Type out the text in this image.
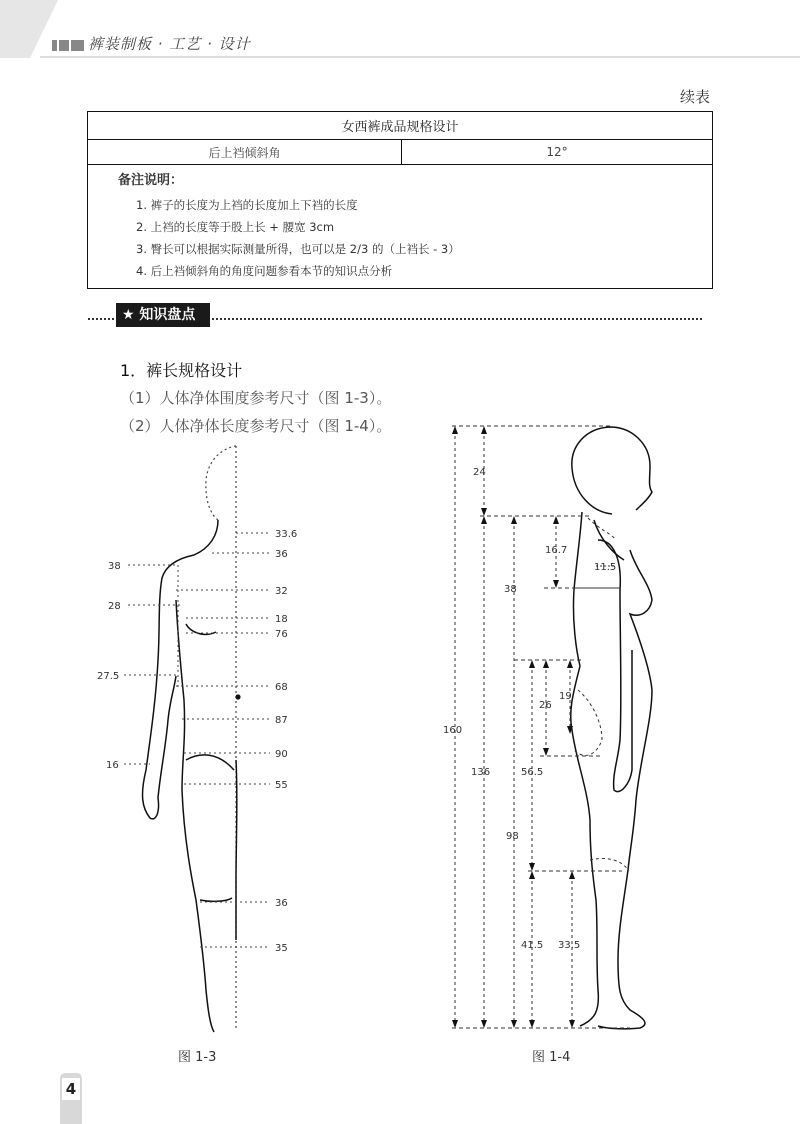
裤装制板 · 工艺 · 设计
续表
女西裤成品规格设计
后上裆倾斜角	12°

备注说明：
1. 裤子的长度为上裆的长度加上下裆的长度
2. 上裆的长度等于股上长 + 腰宽 3cm
3. 臀长可以根据实际测量所得，也可以是 2/3 的（上裆长 - 3）
4. 后上裆倾斜角的角度问题参看本节的知识点分析
★ 知识盘点
1．裤长规格设计
（1）人体净体围度参考尺寸（图 1-3）。
（2）人体净体长度参考尺寸（图 1-4）。
33.6
36
32
18
76
68
87
90
55
36
35
38
28
27.5
16
24
16.7
11.5
38
160
136
26
19
56.5
98
41.5 33.5
图 1-3	图 1-4
4
